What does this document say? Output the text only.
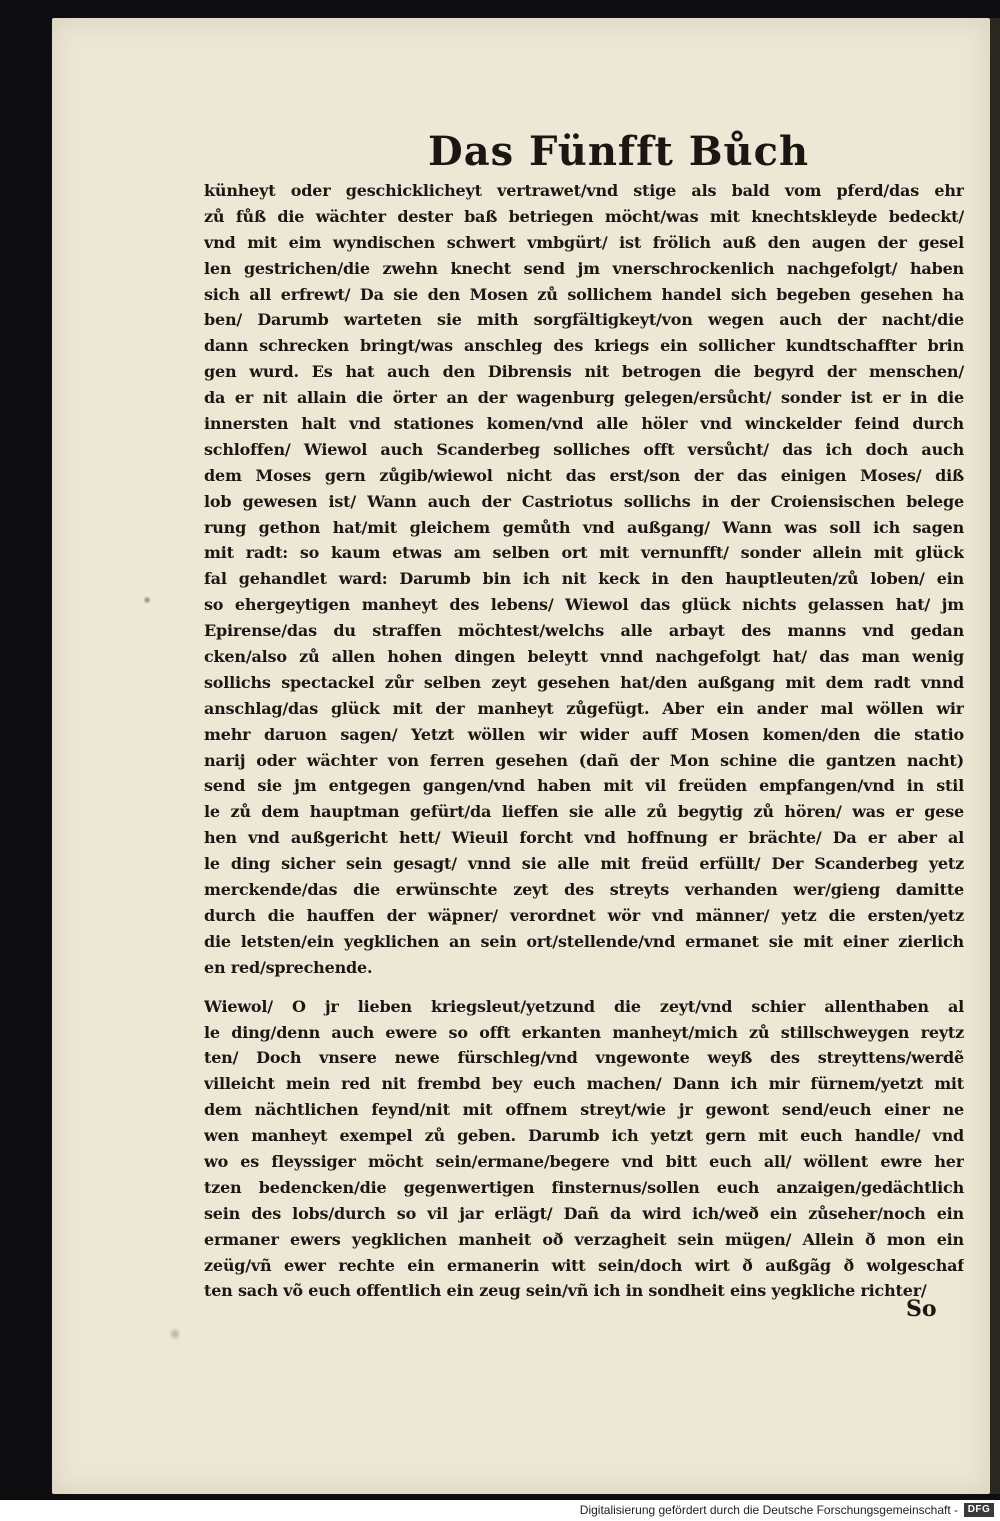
Das Fünfft Bůch
künheyt oder geschicklicheyt vertrawet/vnd stige als bald vom pferd/das ehr
zů fůß die wächter dester baß betriegen möcht/was mit knechtskleyde bedeckt/
vnd mit eim wyndischen schwert vmbgürt/ ist frölich auß den augen der gesel
len gestrichen/die zwehn knecht send jm vnerschrockenlich nachgefolgt/ haben
sich all erfrewt/ Da sie den Mosen zů sollichem handel sich begeben gesehen ha
ben/ Darumb warteten sie mith sorgfältigkeyt/von wegen auch der nacht/die
dann schrecken bringt/was anschleg des kriegs ein sollicher kundtschaffter brin
gen wurd. Es hat auch den Dibrensis nit betrogen die begyrd der menschen/
da er nit allain die örter an der wagenburg gelegen/ersůcht/ sonder ist er in die
innersten halt vnd stationes komen/vnd alle höler vnd winckelder feind durch
schloffen/ Wiewol auch Scanderbeg solliches offt versůcht/ das ich doch auch
dem Moses gern zůgib/wiewol nicht das erst/son der das einigen Moses/ diß
lob gewesen ist/ Wann auch der Castriotus sollichs in der Croiensischen belege
rung gethon hat/mit gleichem gemůth vnd außgang/ Wann was soll ich sagen
mit radt: so kaum etwas am selben ort mit vernunfft/ sonder allein mit glück
fal gehandlet ward: Darumb bin ich nit keck in den hauptleuten/zů loben/ ein
so ehergeytigen manheyt des lebens/ Wiewol das glück nichts gelassen hat/ jm
Epirense/das du straffen möchtest/welchs alle arbayt des manns vnd gedan
cken/also zů allen hohen dingen beleytt vnnd nachgefolgt hat/ das man wenig
sollichs spectackel zůr selben zeyt gesehen hat/den außgang mit dem radt vnnd
anschlag/das glück mit der manheyt zůgefügt. Aber ein ander mal wöllen wir
mehr daruon sagen/ Yetzt wöllen wir wider auff Mosen komen/den die statio
narij oder wächter von ferren gesehen (dañ der Mon schine die gantzen nacht)
send sie jm entgegen gangen/vnd haben mit vil freüden empfangen/vnd in stil
le zů dem hauptman gefürt/da lieffen sie alle zů begytig zů hören/ was er gese
hen vnd außgericht hett/ Wieuil forcht vnd hoffnung er brächte/ Da er aber al
le ding sicher sein gesagt/ vnnd sie alle mit freüd erfüllt/ Der Scanderbeg yetz
merckende/das die erwünschte zeyt des streyts verhanden wer/gieng damitte
durch die hauffen der wäpner/ verordnet wör vnd männer/ yetz die ersten/yetz
die letsten/ein yegklichen an sein ort/stellende/vnd ermanet sie mit einer zierlich
en red/sprechende.
Wiewol/ O jr lieben kriegsleut/yetzund die zeyt/vnd schier allenthaben al
le ding/denn auch ewere so offt erkanten manheyt/mich zů stillschweygen reytz
ten/ Doch vnsere newe fürschleg/vnd vngewonte weyß des streyttens/werdẽ
villeicht mein red nit frembd bey euch machen/ Dann ich mir fürnem/yetzt mit
dem nächtlichen feynd/nit mit offnem streyt/wie jr gewont send/euch einer ne
wen manheyt exempel zů geben. Darumb ich yetzt gern mit euch handle/ vnd
wo es fleyssiger möcht sein/ermane/begere vnd bitt euch all/ wöllent ewre her
tzen bedencken/die gegenwertigen finsternus/sollen euch anzaigen/gedächtlich
sein des lobs/durch so vil jar erlägt/ Dañ da wird ich/weð ein zůseher/noch ein
ermaner ewers yegklichen manheit oð verzagheit sein mügen/ Allein ð mon ein
zeüg/vñ ewer rechte ein ermanerin witt sein/doch wirt ð außgãg ð wolgeschaf
ten sach võ euch offentlich ein zeug sein/vñ ich in sondheit eins yegkliche richter/
So
Digitalisierung gefördert durch die Deutsche Forschungsgemeinschaft - DFG
